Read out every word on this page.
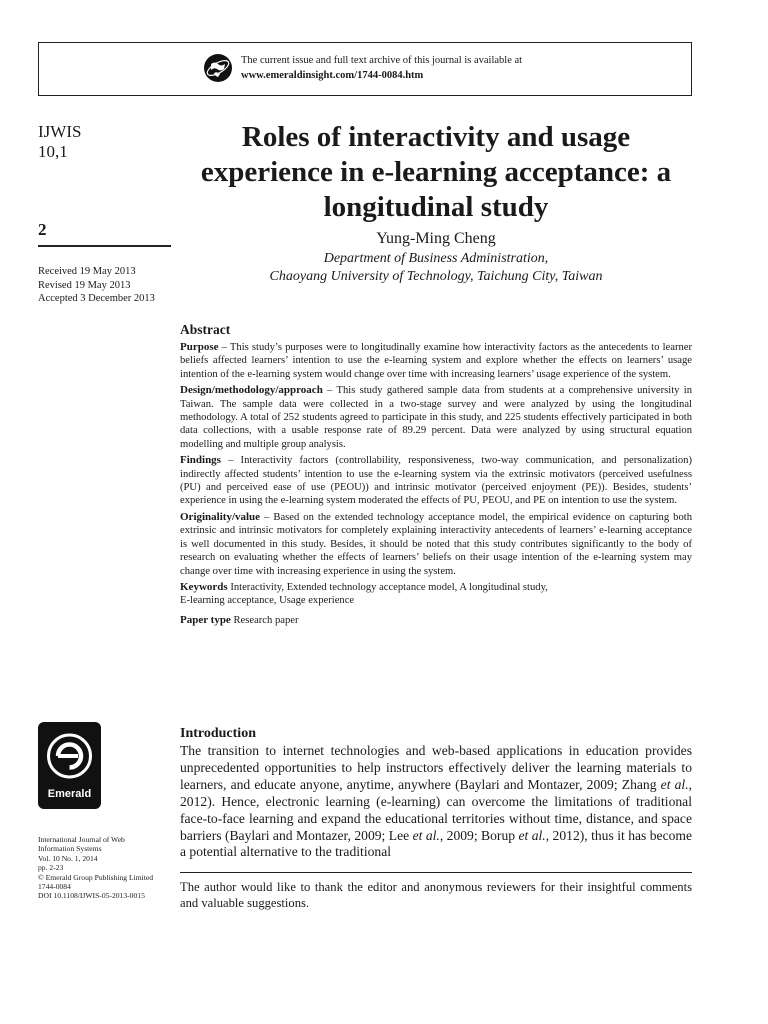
The current issue and full text archive of this journal is available at
www.emeraldinsight.com/1744-0084.htm
IJWIS
10,1
2
Received 19 May 2013
Revised 19 May 2013
Accepted 3 December 2013
Roles of interactivity and usage experience in e-learning acceptance: a longitudinal study
Yung-Ming Cheng
Department of Business Administration,
Chaoyang University of Technology, Taichung City, Taiwan
Abstract

Purpose – This study’s purposes were to longitudinally examine how interactivity factors as the antecedents to learner beliefs affected learners’ intention to use the e-learning system and explore whether the effects on learners’ usage intention of the e-learning system would change over time with increasing learners’ usage experience of the system.

Design/methodology/approach – This study gathered sample data from students at a comprehensive university in Taiwan. The sample data were collected in a two-stage survey and were analyzed by using the longitudinal methodology. A total of 252 students agreed to participate in this study, and 225 students effectively participated in both data collections, with a usable response rate of 89.29 percent. Data were analyzed by using structural equation modelling and multiple group analysis.

Findings – Interactivity factors (controllability, responsiveness, two-way communication, and personalization) indirectly affected students’ intention to use the e-learning system via the extrinsic motivators (perceived usefulness (PU) and perceived ease of use (PEOU)) and intrinsic motivator (perceived enjoyment (PE)). Besides, students’ experience in using the e-learning system moderated the effects of PU, PEOU, and PE on intention to use the system.

Originality/value – Based on the extended technology acceptance model, the empirical evidence on capturing both extrinsic and intrinsic motivators for completely explaining interactivity antecedents of learners’ e-learning acceptance is well documented in this study. Besides, it should be noted that this study contributes significantly to the body of research on evaluating whether the effects of learners’ beliefs on their usage intention of the e-learning system may change over time with increasing experience in using the system.

Keywords Interactivity, Extended technology acceptance model, A longitudinal study,
E-learning acceptance, Usage experience
Paper type Research paper
Emerald
International Journal of Web
Information Systems
Vol. 10 No. 1, 2014
pp. 2-23
© Emerald Group Publishing Limited
1744-0084
DOI 10.1108/IJWIS-05-2013-0015
Introduction

The transition to internet technologies and web-based applications in education provides unprecedented opportunities to help instructors effectively deliver the learning materials to learners, and educate anyone, anytime, anywhere (Baylari and Montazer, 2009; Zhang et al., 2012). Hence, electronic learning (e-learning) can overcome the limitations of traditional face-to-face learning and expand the educational territories without time, distance, and space barriers (Baylari and Montazer, 2009; Lee et al., 2009; Borup et al., 2012), thus it has become a potential alternative to the traditional

The author would like to thank the editor and anonymous reviewers for their insightful comments and valuable suggestions.
